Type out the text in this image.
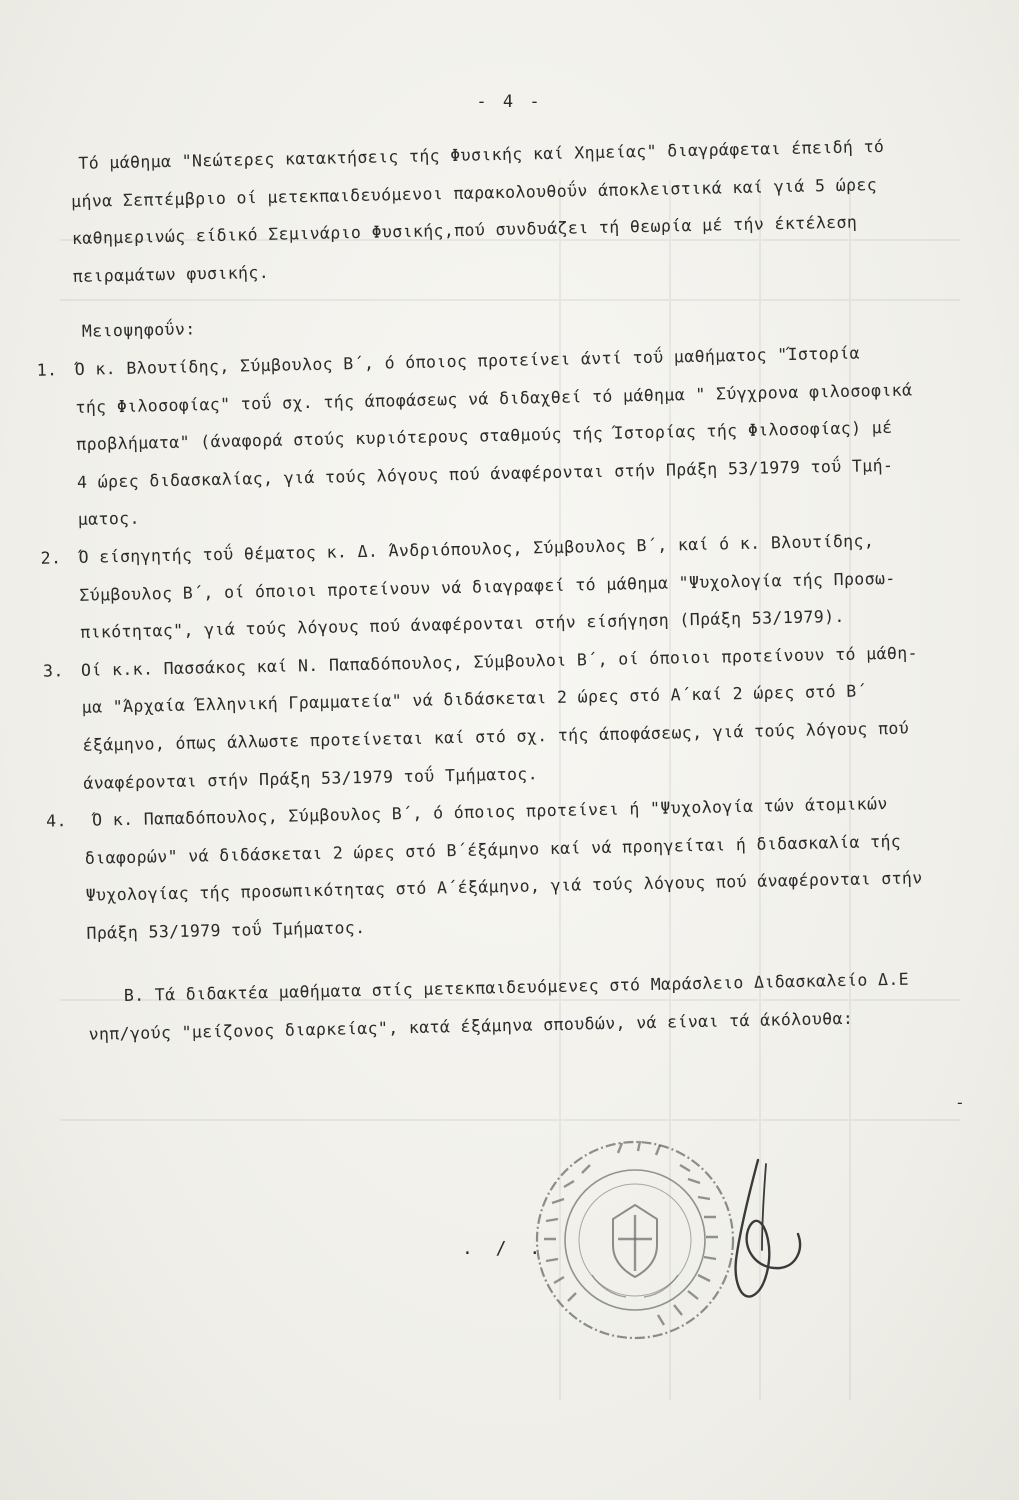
- 4 -
Τό μάθημα "Νεώτερες κατακτήσεις τής Φυσικής καί Χημείας" διαγράφεται έπειδή τό
μήνα Σεπτέμβριο οί μετεκπαιδευόμενοι παρακολουθοΰν άποκλειστικά καί γιά 5 ώρες
καθημερινώς είδικό Σεμινάριο Φυσικής,πού συνδυάζει τή θεωρία μέ τήν έκτέλεση
πειραμάτων φυσικής.
Μειοψηφοΰν:
1. Ό κ. Βλουτίδης, Σύμβουλος Β΄, ό όποιος προτείνει άντί τοΰ μαθήματος "Ίστορία
τής Φιλοσοφίας" τοΰ σχ. τής άποφάσεως νά διδαχθεί τό μάθημα " Σύγχρονα φιλοσοφικά
προβλήματα" (άναφορά στούς κυριότερους σταθμούς τής Ίστορίας τής Φιλοσοφίας) μέ
4 ώρες διδασκαλίας, γιά τούς λόγους πού άναφέρονται στήν Πράξη 53/1979 τοΰ Τμή-
ματος.
2. Ό είσηγητής τοΰ θέματος κ. Δ. Άνδριόπουλος, Σύμβουλος Β΄, καί ό κ. Βλουτίδης,
Σύμβουλος Β΄, οί όποιοι προτείνουν νά διαγραφεί τό μάθημα "Ψυχολογία τής Προσω-
πικότητας", γιά τούς λόγους πού άναφέρονται στήν είσήγηση (Πράξη 53/1979).
3. Οί κ.κ. Πασσάκος καί Ν. Παπαδόπουλος, Σύμβουλοι Β΄, οί όποιοι προτείνουν τό μάθη-
μα "Άρχαία Έλληνική Γραμματεία" νά διδάσκεται 2 ώρες στό Α΄καί 2 ώρες στό Β΄
έξάμηνο, όπως άλλωστε προτείνεται καί στό σχ. τής άποφάσεως, γιά τούς λόγους πού
άναφέρονται στήν Πράξη 53/1979 τοΰ Τμήματος.
4. Ό κ. Παπαδόπουλος, Σύμβουλος Β΄, ό όποιος προτείνει ή "Ψυχολογία τών άτομικών
διαφορών" νά διδάσκεται 2 ώρες στό Β΄έξάμηνο καί νά προηγείται ή διδασκαλία τής
Ψυχολογίας τής προσωπικότητας στό Α΄έξάμηνο, γιά τούς λόγους πού άναφέρονται στήν
Πράξη 53/1979 τοΰ Τμήματος.
Β. Τά διδακτέα μαθήματα στίς μετεκπαιδευόμενες στό Μαράσλειο Διδασκαλείο Δ.Ε
νηπ/γούς "μείζονος διαρκείας", κατά έξάμηνα σπουδών, νά είναι τά άκόλουθα:
-
. / .
